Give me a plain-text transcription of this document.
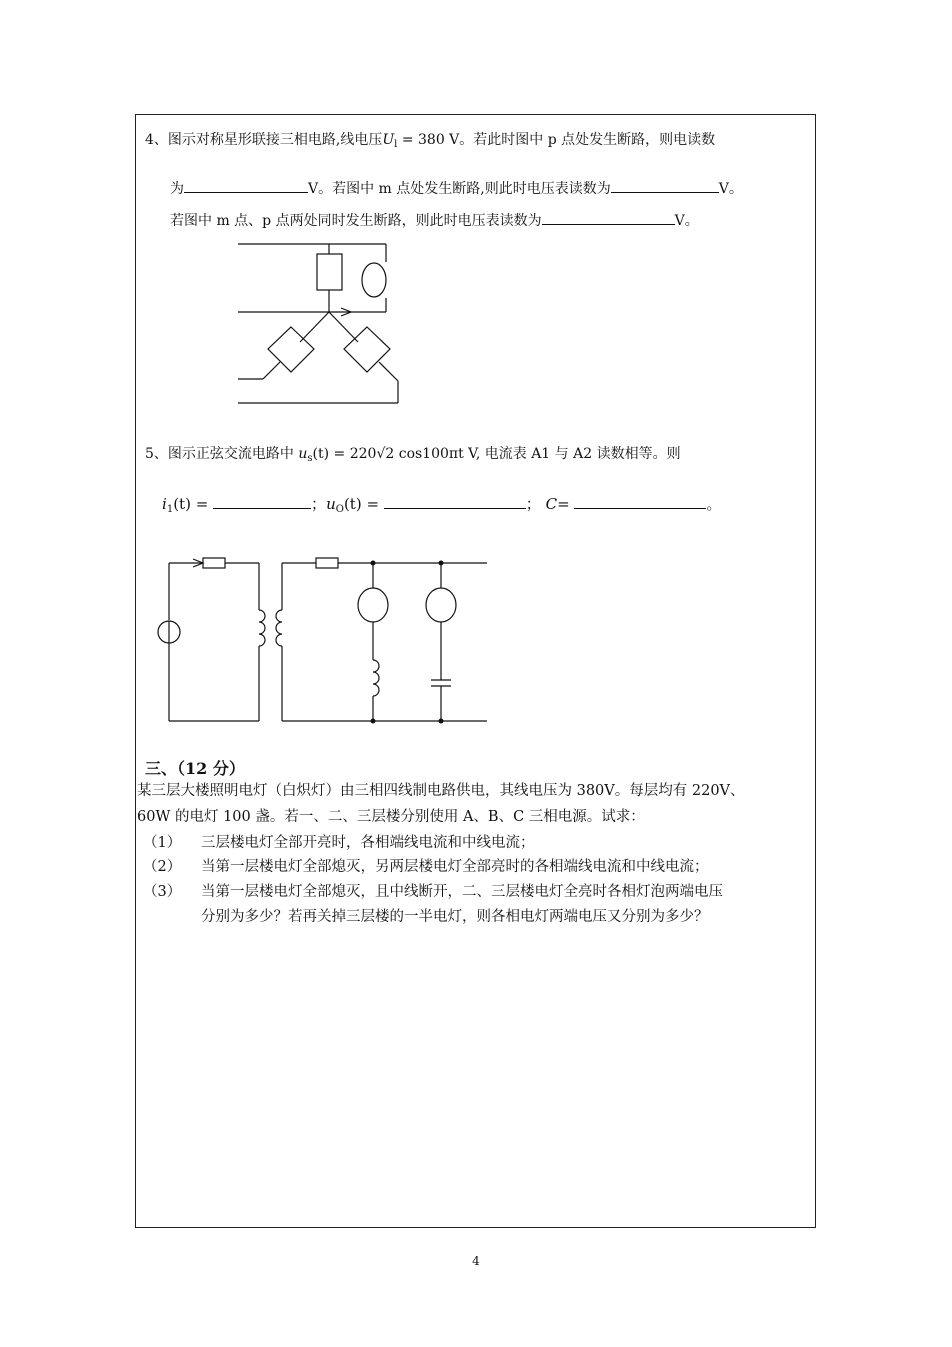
4、图示对称星形联接三相电路,线电压$U_l = 380$ V。若此时图中 p 点处发生断路，则电读数
为	V。若图中 m 点处发生断路,则此时电压表读数为	V。
若图中 m 点、p 点两处同时发生断路，则此时电压表读数为	V。
5、图示正弦交流电路中 $u_s(t) = 220√2$ cos100πt V, 电流表 A1 与 A2 读数相等。则
$i_1(t)$ =	；$u_O(t)$ =	； C=	。
三、（12 分）
某三层大楼照明电灯（白炽灯）由三相四线制电路供电，其线电压为 380V。每层均有 220V、
60W 的电灯 100 盏。若一、二、三层楼分别使用 A、B、C 三相电源。试求：
（1） 三层楼电灯全部开亮时，各相端线电流和中线电流；
（2） 当第一层楼电灯全部熄灭，另两层楼电灯全部亮时的各相端线电流和中线电流；
（3） 当第一层楼电灯全部熄灭，且中线断开，二、三层楼电灯全亮时各相灯泡两端电压
分别为多少？若再关掉三层楼的一半电灯，则各相电灯两端电压又分别为多少？
4
